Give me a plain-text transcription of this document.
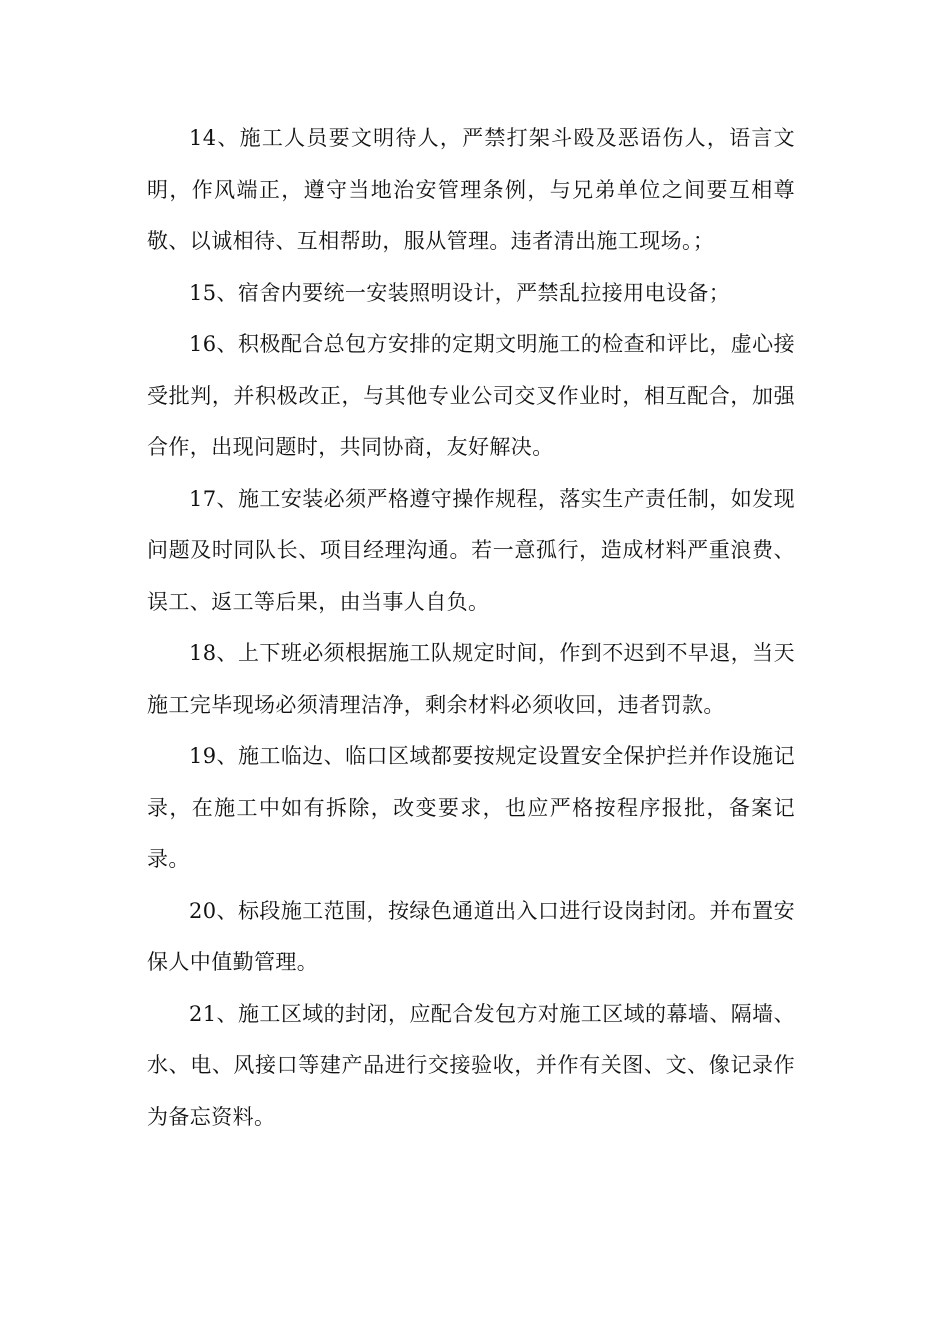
14、施工人员要文明待人，严禁打架斗殴及恶语伤人，语言文明，作风端正，遵守当地治安管理条例，与兄弟单位之间要互相尊敬、以诚相待、互相帮助，服从管理。违者清出施工现场。；

15、宿舍内要统一安装照明设计，严禁乱拉接用电设备；

16、积极配合总包方安排的定期文明施工的检查和评比，虚心接受批判，并积极改正，与其他专业公司交叉作业时，相互配合，加强合作，出现问题时，共同协商，友好解决。

17、施工安装必须严格遵守操作规程，落实生产责任制，如发现问题及时同队长、项目经理沟通。若一意孤行，造成材料严重浪费、误工、返工等后果，由当事人自负。

18、上下班必须根据施工队规定时间，作到不迟到不早退，当天施工完毕现场必须清理洁净，剩余材料必须收回，违者罚款。

19、施工临边、临口区域都要按规定设置安全保护拦并作设施记录，在施工中如有拆除，改变要求，也应严格按程序报批，备案记录。

20、标段施工范围，按绿色通道出入口进行设岗封闭。并布置安保人中值勤管理。

21、施工区域的封闭，应配合发包方对施工区域的幕墙、隔墙、水、电、风接口等建产品进行交接验收，并作有关图、文、像记录作为备忘资料。
